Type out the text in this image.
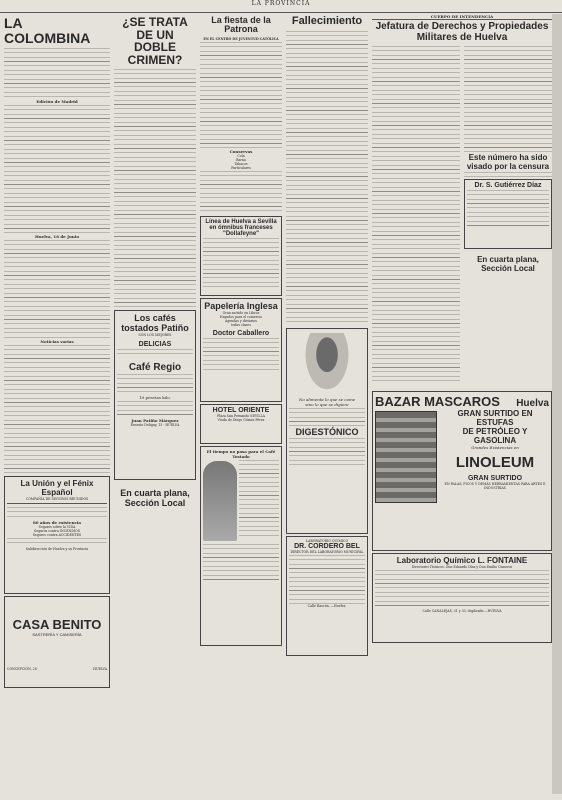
LA PROVINCIA
LA COLOMBINA

Edición de Madrid

Huelva, 16 de Junio

Noticias varias

La Unión y el Fénix Español
COMPAÑÍA DE SEGUROS REUNIDOS

80 años de existencia
Seguros sobre la VIDA
Seguros contra INCENDIOS
Seguros contra ACCIDENTES

Subdirección de Huelva y su Provincia
CASA BENITO
SASTRERÍA Y CAMISERÍA
CONCEPCIÓN, 28	HUELVA
¿SE TRATA DE UN DOBLE CRIMEN?

Los cafés tostados Patiño
SON LOS MEJORES
DELICIAS

Café Regio

10 pesetas kilo.

Juan Patiño Márquez
Ernesto Deligny, 15 · HUELVA
En cuarta plana, Sección Local
La fiesta de la Patrona
EN EL CENTRO DE JUVENTUD CATÓLICA

Conservas
Cola
Barna
Tabacos
Particulares

Línea de Huelva a Sevilla en ómnibus franceses "Dollafeyne"

Papelería Inglesa
Gran surtido en Libros
Hayados para el comercio
Agendas y dietarios
todas clases
Doctor Caballero

HOTEL ORIENTE
Plaza San Fernando SEVILLA
Viuda de Diego Gómez Pérez
El tiempo no pasa para el Café Tostado

Fallecimiento

No alimenta lo que se come
sino lo que se digiere

DIGESTÓNICO

LABORATORIO QUÍMICO
DR. CORDERO BEL
DIRECTOR DEL LABORATORIO MUNICIPAL

Calle Rascón, —Huelva.
CUERPO DE INTENDENCIA
Jefatura de Derechos y Propiedades Militares de Huelva

Este número ha sido visado por la censura

Dr. S. Gutiérrez Díaz

En cuarta plana, Sección Local
BAZAR MASCAROS Huelva
GRAN SURTIDO EN ESTUFAS
DE PETRÓLEO Y GASOLINA
Grandes Existencias en
LINOLEUM
GRAN SURTIDO
EN PALAS, PICOS Y DEMÁS HERRAMIENTAS PARA ARTES E INDUSTRIAS
Laboratorio Químico L. FONTAINE
Directores Técnicos: Don Eduardo Díaz y Don Emilio Cisneros

Calle CANALEJAS, 31 y 33, duplicado.—HUELVA
